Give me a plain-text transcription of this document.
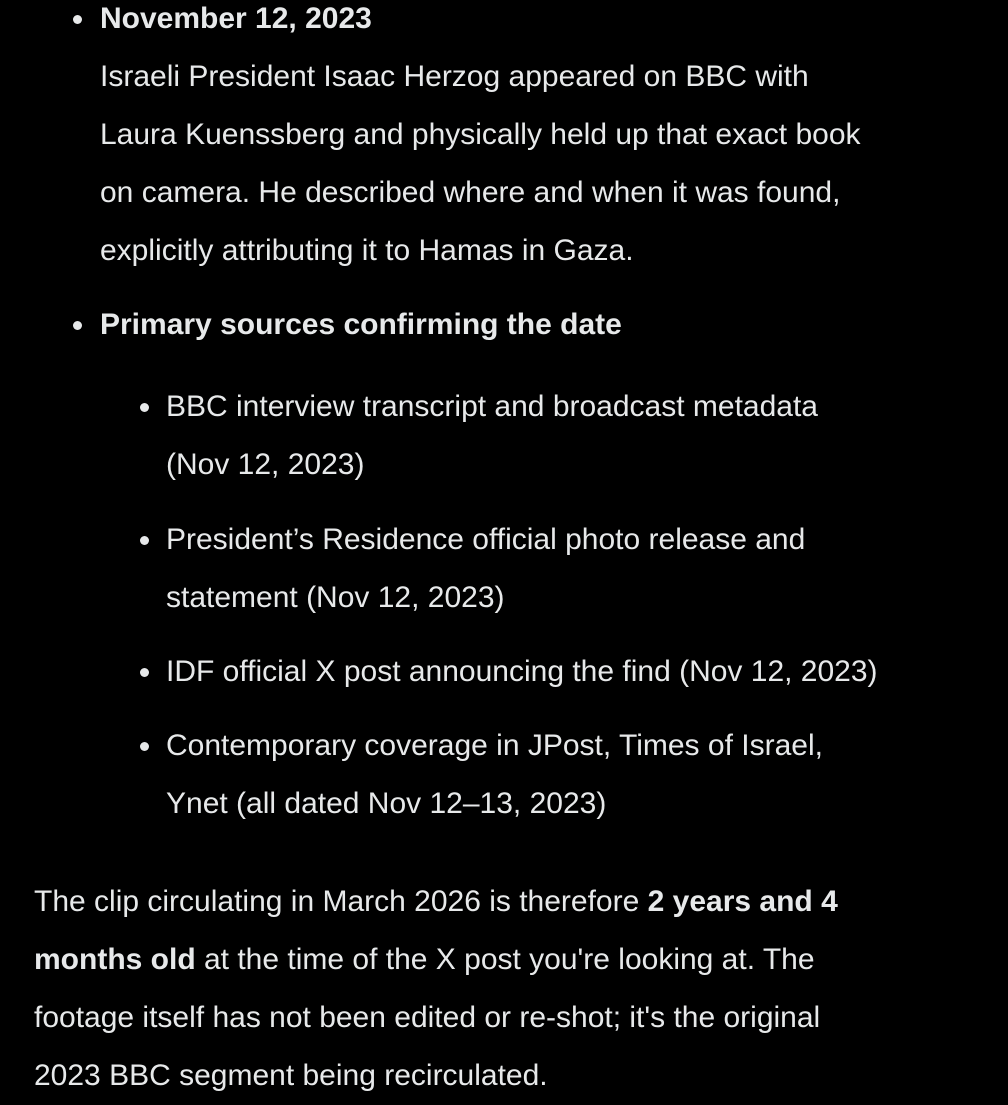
November 12, 2023

Israeli President Isaac Herzog appeared on BBC with

Laura Kuenssberg and physically held up that exact book

on camera. He described where and when it was found,

explicitly attributing it to Hamas in Gaza.

Primary sources confirming the date

BBC interview transcript and broadcast metadata

(Nov 12, 2023)

President’s Residence official photo release and

statement (Nov 12, 2023)

IDF official X post announcing the find (Nov 12, 2023)

Contemporary coverage in JPost, Times of Israel,

Ynet (all dated Nov 12–13, 2023)

The clip circulating in March 2026 is therefore 2 years and 4

months old at the time of the X post you're looking at. The

footage itself has not been edited or re-shot; it's the original

2023 BBC segment being recirculated.
